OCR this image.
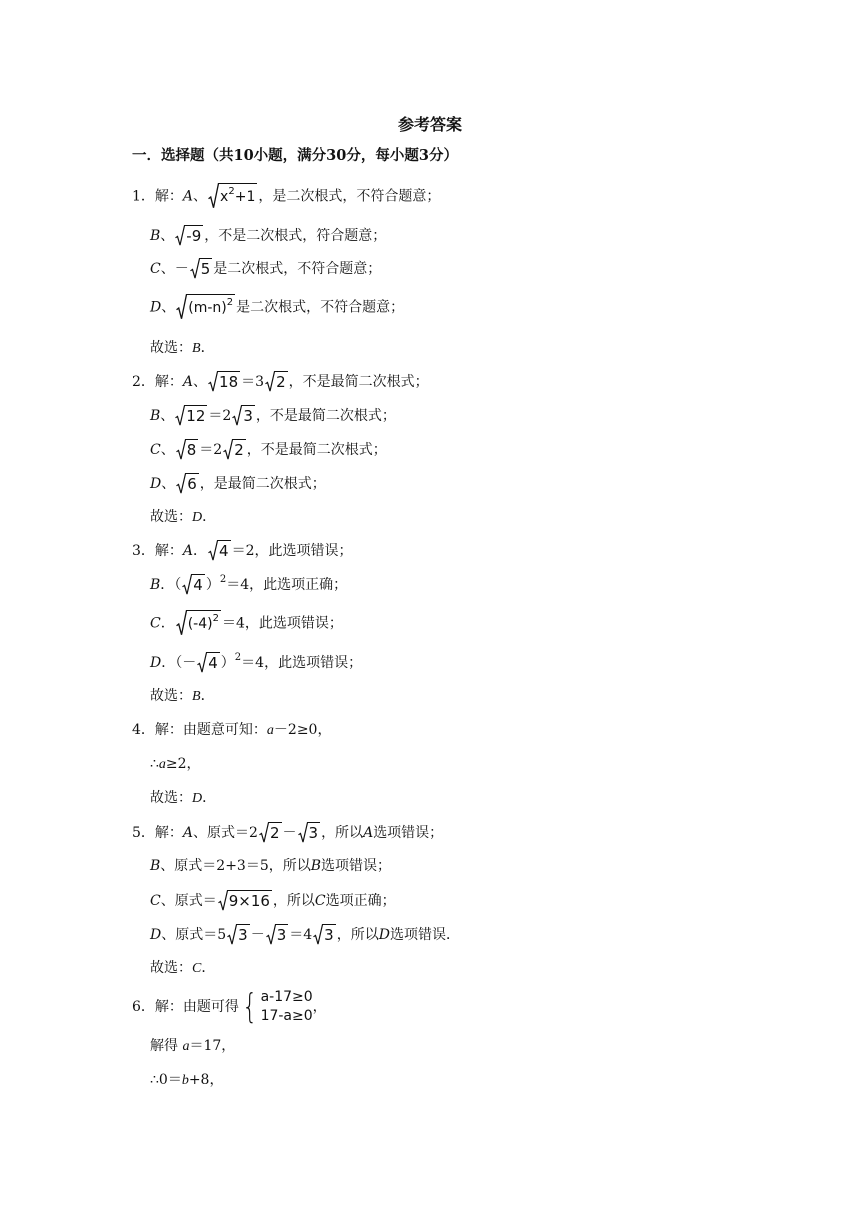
参考答案
一．选择题（共10小题，满分30分，每小题3分）
1．解：A、 $x^2+1$ ，是二次根式，不符合题意；
B、 -9 ，不是二次根式，符合题意；
C、－ 5 是二次根式，不符合题意；
D、 $(m-n)^2$ 是二次根式，不符合题意；
故选：B．
2．解：A、 18 ＝3 2 ，不是最简二次根式；
B、 12 ＝2 3 ，不是最简二次根式；
C、 8 ＝2 2 ，不是最简二次根式；
D、 6 ，是最简二次根式；
故选：D．
3．解：A． 4 ＝2，此选项错误；
B．（ 4 ）$^2$＝4，此选项正确；
C． $(-4)^2 =4$，此选项错误；
D．（－ 4 ）$^2$＝4，此选项错误；
故选：B．
4．解：由题意可知：a－2≥0，
∴a≥2，
故选：D．
5．解：A、原式＝2 2 － 3 ，所以A选项错误；
B、原式＝2+3＝5，所以B选项错误；
C、原式＝ 9×16 ，所以C选项正确；
D、原式＝5 3 － 3 ＝4 3 ，所以D选项错误．
故选：C．
6．解：由题可得 { a-17≥0
17-a≥0
，
解得 a＝17，
∴0＝b+8，
